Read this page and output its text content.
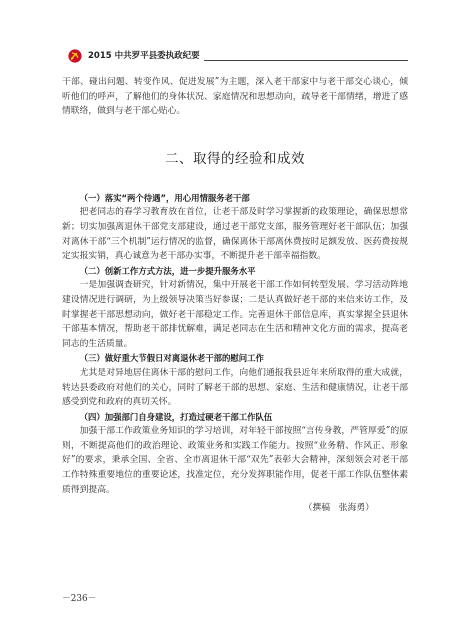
2015 中共罗平县委执政纪要

干部、碰出问题、转变作风、促进发展”为主题，深入老干部家中与老干部交心谈心，倾听他们的呼声，了解他们的身体状况、家庭情况和思想动向，疏导老干部情绪，增进了感情联络，做到与老干部心贴心。

二、取得的经验和成效
（一）落实“两个待遇”，用心用情服务老干部

把老同志的春学习教育放在首位，让老干部及时学习掌握新的政策理论，确保思想常新；切实加强离退休干部党支部建设，通过老干部党支部，服务管理好老干部队伍；加强对离休干部“三个机制”运行情况的监督，确保离休干部离休费按时足额发放、医药费按规定实报实销，真心诚意为老干部办实事，不断提升老干部幸福指数。

（二）创新工作方式方法，进一步提升服务水平

一是加强调查研究，针对新情况，集中开展老干部工作如何转型发展、学习活动阵地建设情况进行调研，为上级领导决策当好参谋；二是认真做好老干部的来信来访工作，及时掌握老干部思想动向，做好老干部稳定工作。完善退休干部信息库，真实掌握全县退休干部基本情况，帮助老干部排忧解难，满足老同志在生活和精神文化方面的需求，提高老同志的生活质量。

（三）做好重大节假日对离退休老干部的慰问工作

尤其是对异地居住离休干部的慰问工作，向他们通报我县近年来所取得的重大成就，转达县委政府对他们的关心，同时了解老干部的思想、家庭、生活和健康情况，让老干部感受到党和政府的真切关怀。

（四）加强部门自身建设，打造过硬老干部工作队伍

加强干部工作政策业务知识的学习培训，对年轻干部按照“言传身教，严管厚爱”的原则，不断提高他们的政治理论、政策业务和实践工作能力。按照“业务精、作风正、形象好”的要求，秉承全国、全省、全市离退休干部“双先”表彰大会精神，深刻领会对老干部工作特殊重要地位的重要论述，找准定位，充分发挥职能作用，促老干部工作队伍整体素质得到提高。

（撰稿　张海勇）
－236－
